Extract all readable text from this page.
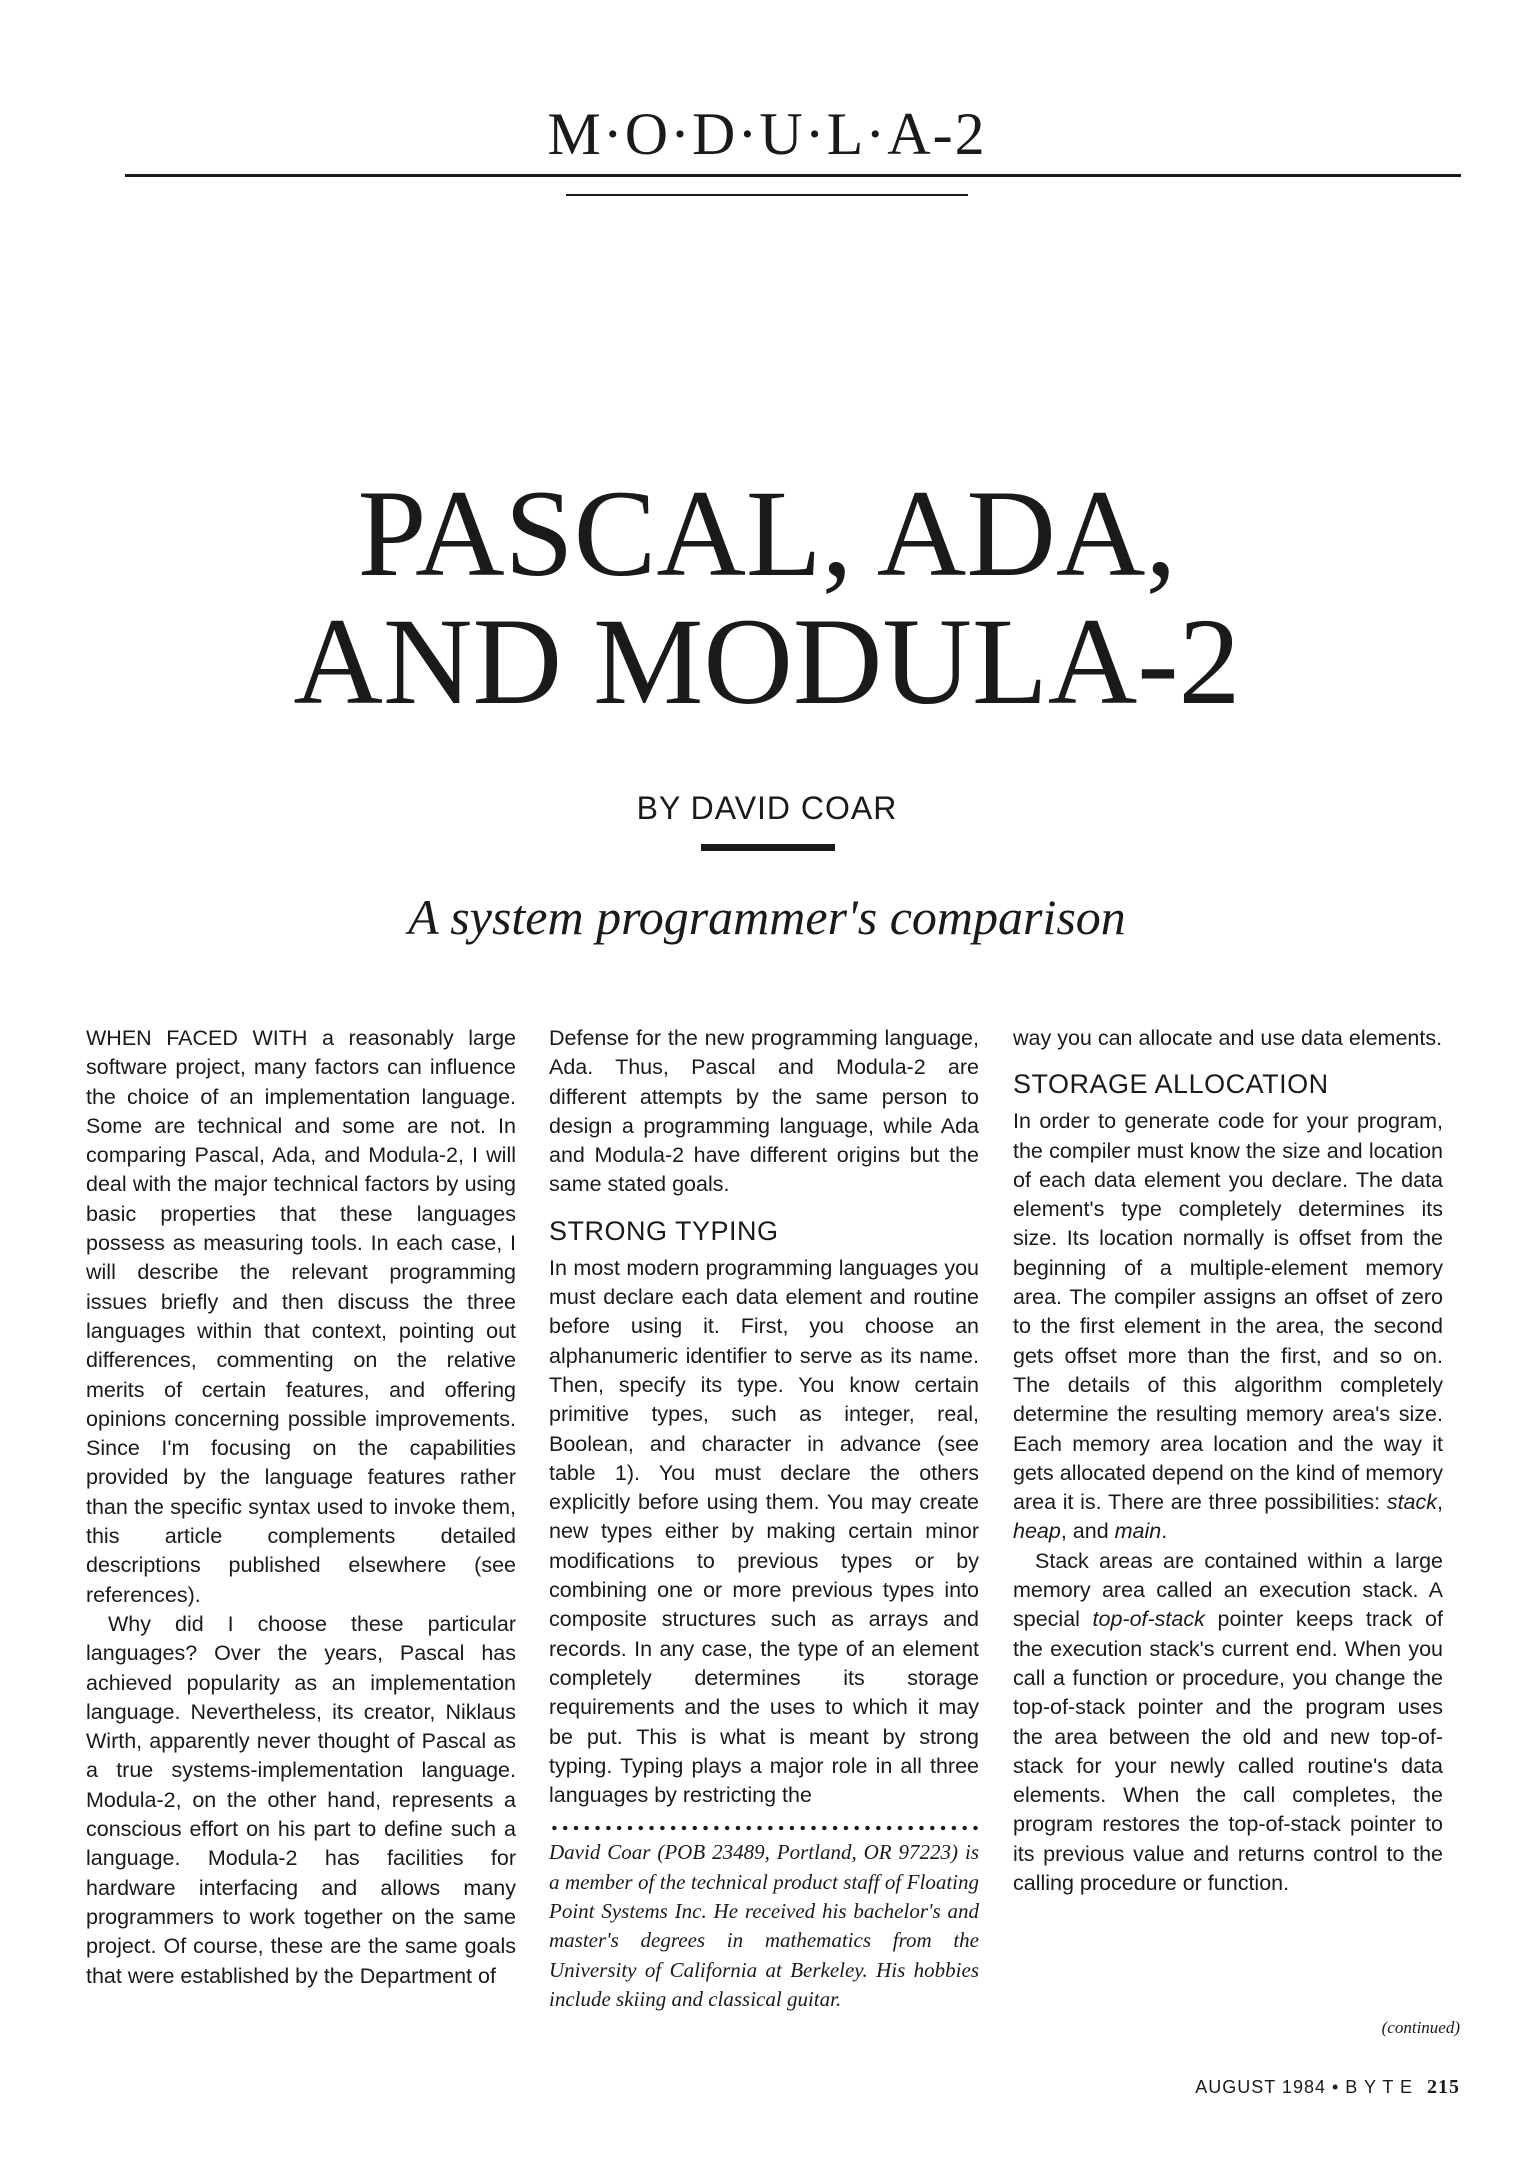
M·O·D·U·L·A-2
PASCAL, ADA,
AND MODULA-2
BY DAVID COAR
A system programmer's comparison

WHEN FACED WITH a reasonably large software project, many factors can influence the choice of an implementation language. Some are technical and some are not. In comparing Pascal, Ada, and Modula-2, I will deal with the major technical factors by using basic properties that these languages possess as measuring tools. In each case, I will describe the relevant programming issues briefly and then discuss the three languages within that context, pointing out differences, commenting on the relative merits of certain features, and offering opinions concerning possible improvements. Since I'm focusing on the capabilities provided by the language features rather than the specific syntax used to invoke them, this article complements detailed descriptions published elsewhere (see references).

Why did I choose these particular languages? Over the years, Pascal has achieved popularity as an implementation language. Nevertheless, its creator, Niklaus Wirth, apparently never thought of Pascal as a true systems-implementation language. Modula-2, on the other hand, represents a conscious effort on his part to define such a language. Modula-2 has facilities for hardware interfacing and allows many programmers to work together on the same project. Of course, these are the same goals that were established by the Department of

Defense for the new programming language, Ada. Thus, Pascal and Modula-2 are different attempts by the same person to design a programming language, while Ada and Modula-2 have different origins but the same stated goals.

STRONG TYPING

In most modern programming languages you must declare each data element and routine before using it. First, you choose an alphanumeric identifier to serve as its name. Then, specify its type. You know certain primitive types, such as integer, real, Boolean, and character in advance (see table 1). You must declare the others explicitly before using them. You may create new types either by making certain minor modifications to previous types or by combining one or more previous types into composite structures such as arrays and records. In any case, the type of an element completely determines its storage requirements and the uses to which it may be put. This is what is meant by strong typing. Typing plays a major role in all three languages by restricting the

David Coar (POB 23489, Portland, OR 97223) is a member of the technical product staff of Floating Point Systems Inc. He received his bachelor's and master's degrees in mathematics from the University of California at Berkeley. His hobbies include skiing and classical guitar.

way you can allocate and use data elements.

STORAGE ALLOCATION

In order to generate code for your program, the compiler must know the size and location of each data element you declare. The data element's type completely determines its size. Its location normally is offset from the beginning of a multiple-element memory area. The compiler assigns an offset of zero to the first element in the area, the second gets offset more than the first, and so on. The details of this algorithm completely determine the resulting memory area's size. Each memory area location and the way it gets allocated depend on the kind of memory area it is. There are three possibilities: stack, heap, and main.

Stack areas are contained within a large memory area called an execution stack. A special top-of-stack pointer keeps track of the execution stack's current end. When you call a function or procedure, you change the top-of-stack pointer and the program uses the area between the old and new top-of-stack for your newly called routine's data elements. When the call completes, the program restores the top-of-stack pointer to its previous value and returns control to the calling procedure or function.

(continued)
AUGUST 1984 • B Y T E 215
